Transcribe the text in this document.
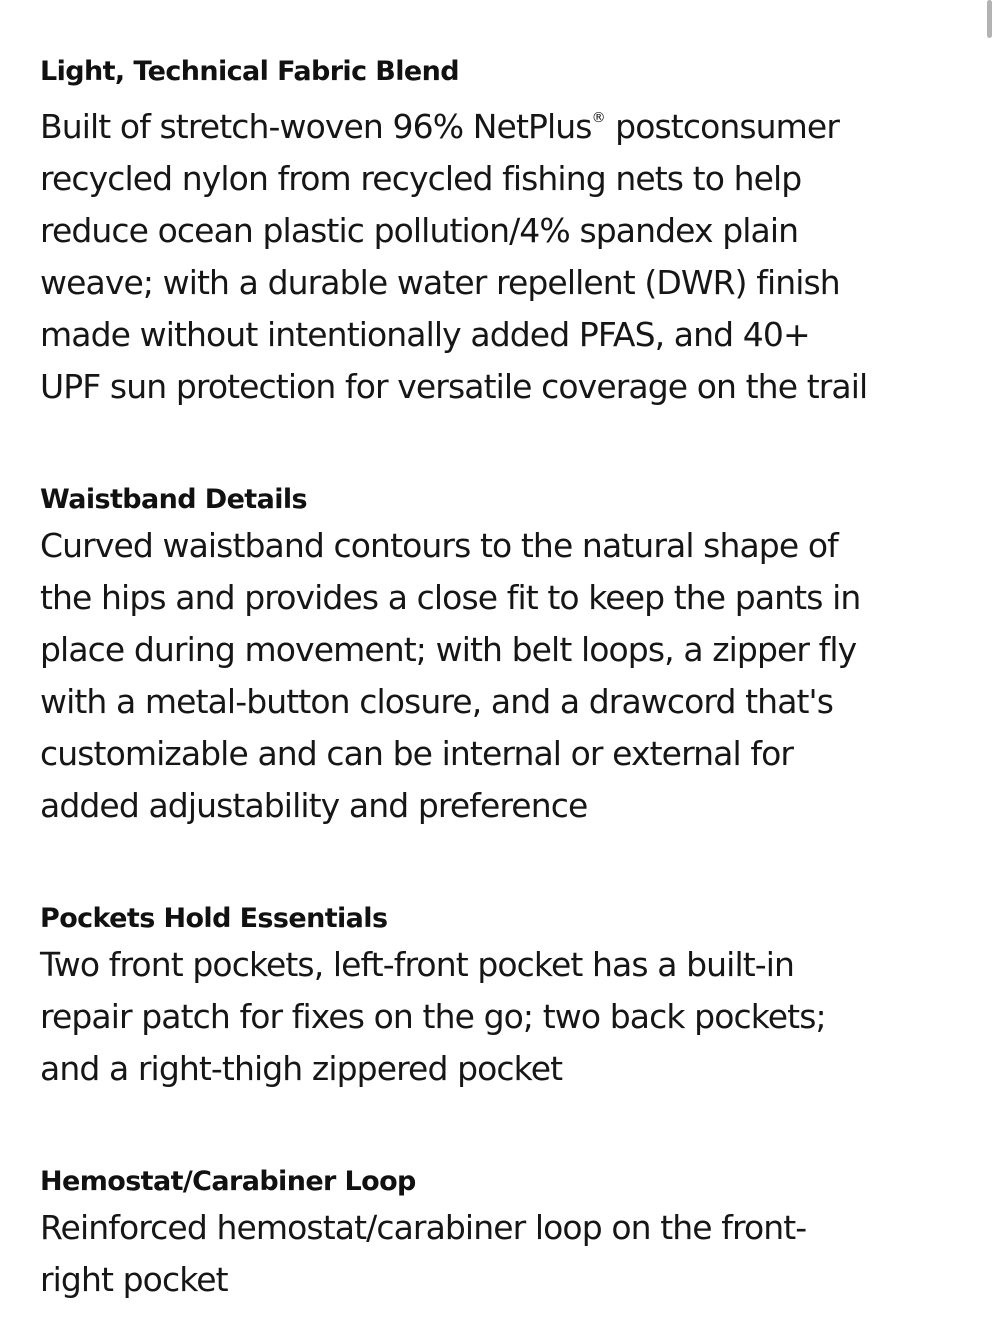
Light, Technical Fabric Blend

Built of stretch-woven 96% NetPlus® postconsumer
recycled nylon from recycled fishing nets to help
reduce ocean plastic pollution/4% spandex plain
weave; with a durable water repellent (DWR) finish
made without intentionally added PFAS, and 40+
UPF sun protection for versatile coverage on the trail

Waistband Details

Curved waistband contours to the natural shape of
the hips and provides a close fit to keep the pants in
place during movement; with belt loops, a zipper fly
with a metal-button closure, and a drawcord that's
customizable and can be internal or external for
added adjustability and preference

Pockets Hold Essentials

Two front pockets, left-front pocket has a built-in
repair patch for fixes on the go; two back pockets;
and a right-thigh zippered pocket

Hemostat/Carabiner Loop

Reinforced hemostat/carabiner loop on the front-
right pocket
